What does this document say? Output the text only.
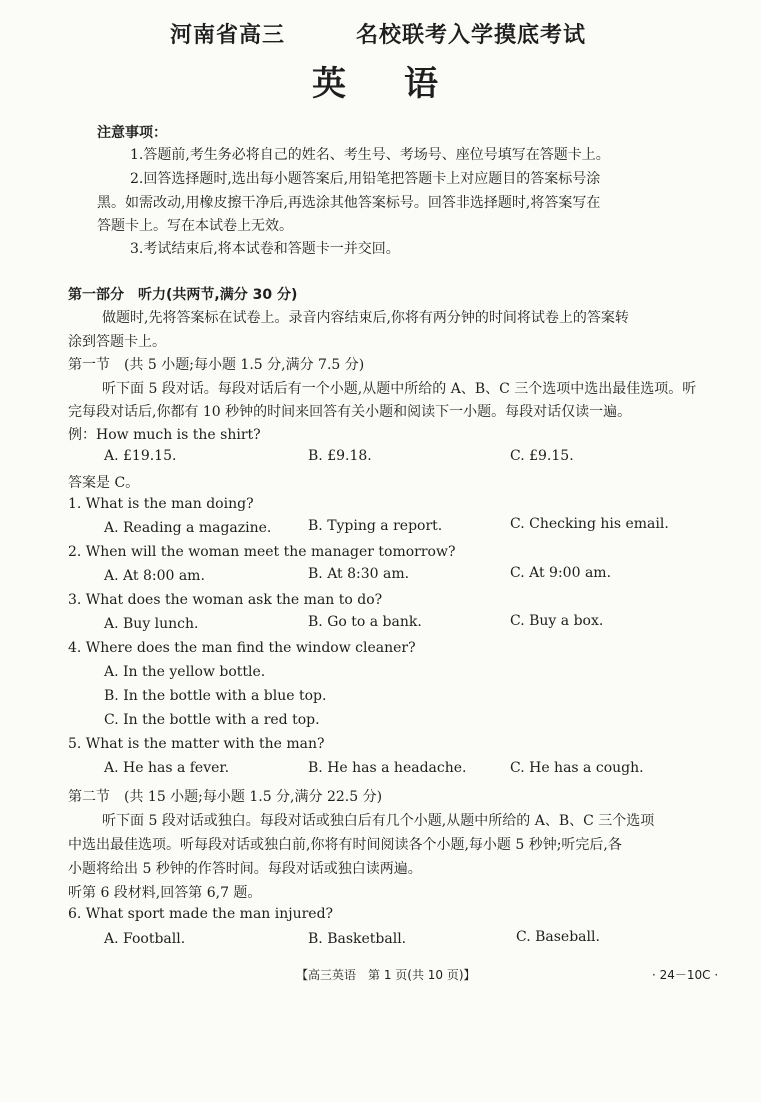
河南省高三	名校联考入学摸底考试
英语
注意事项：
1.答题前,考生务必将自己的姓名、考生号、考场号、座位号填写在答题卡上。
2.回答选择题时,选出每小题答案后,用铅笔把答题卡上对应题目的答案标号涂
黑。如需改动,用橡皮擦干净后,再选涂其他答案标号。回答非选择题时,将答案写在
答题卡上。写在本试卷上无效。
3.考试结束后,将本试卷和答题卡一并交回。
第一部分　听力(共两节,满分 30 分)
做题时,先将答案标在试卷上。录音内容结束后,你将有两分钟的时间将试卷上的答案转
涂到答题卡上。
第一节　(共 5 小题;每小题 1.5 分,满分 7.5 分)
听下面 5 段对话。每段对话后有一个小题,从题中所给的 A、B、C 三个选项中选出最佳选项。听
完每段对话后,你都有 10 秒钟的时间来回答有关小题和阅读下一小题。每段对话仅读一遍。
例：How much is the shirt?
A. £19.15.	B. £9.18.	C. £9.15.
答案是 C。
1. What is the man doing?
A. Reading a magazine.	B. Typing a report.	C. Checking his email.
2. When will the woman meet the manager tomorrow?
A. At 8:00 am.	B. At 8:30 am.	C. At 9:00 am.
3. What does the woman ask the man to do?
A. Buy lunch.	B. Go to a bank.	C. Buy a box.
4. Where does the man find the window cleaner?
A. In the yellow bottle.
B. In the bottle with a blue top.
C. In the bottle with a red top.
5. What is the matter with the man?
A. He has a fever.	B. He has a headache.	C. He has a cough.
第二节　(共 15 小题;每小题 1.5 分,满分 22.5 分)
听下面 5 段对话或独白。每段对话或独白后有几个小题,从题中所给的 A、B、C 三个选项
中选出最佳选项。听每段对话或独白前,你将有时间阅读各个小题,每小题 5 秒钟;听完后,各
小题将给出 5 秒钟的作答时间。每段对话或独白读两遍。
听第 6 段材料,回答第 6,7 题。
6. What sport made the man injured?
A. Football.	B. Basketball.	C. Baseball.
【高三英语　第 1 页(共 10 页)】	· 24－10C ·
